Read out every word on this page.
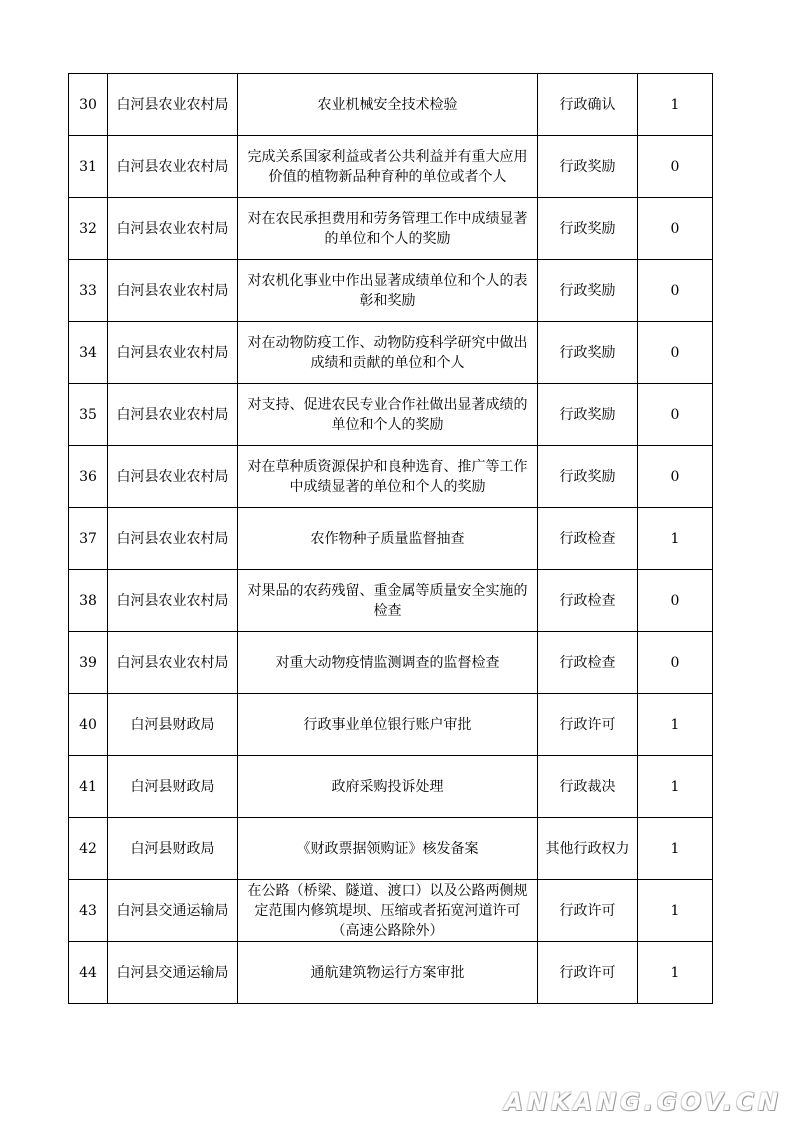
30	白河县农业农村局	农业机械安全技术检验	行政确认	1
31	白河县农业农村局	完成关系国家利益或者公共利益并有重大应用价值的植物新品种育种的单位或者个人	行政奖励	0
32	白河县农业农村局	对在农民承担费用和劳务管理工作中成绩显著的单位和个人的奖励	行政奖励	0
33	白河县农业农村局	对农机化事业中作出显著成绩单位和个人的表彰和奖励	行政奖励	0
34	白河县农业农村局	对在动物防疫工作、动物防疫科学研究中做出成绩和贡献的单位和个人	行政奖励	0
35	白河县农业农村局	对支持、促进农民专业合作社做出显著成绩的单位和个人的奖励	行政奖励	0
36	白河县农业农村局	对在草种质资源保护和良种选育、推广等工作中成绩显著的单位和个人的奖励	行政奖励	0
37	白河县农业农村局	农作物种子质量监督抽查	行政检查	1
38	白河县农业农村局	对果品的农药残留、重金属等质量安全实施的检查	行政检查	0
39	白河县农业农村局	对重大动物疫情监测调查的监督检查	行政检查	0
40	白河县财政局	行政事业单位银行账户审批	行政许可	1
41	白河县财政局	政府采购投诉处理	行政裁决	1
42	白河县财政局	《财政票据领购证》核发备案	其他行政权力	1
43	白河县交通运输局	在公路（桥梁、隧道、渡口）以及公路两侧规定范围内修筑堤坝、压缩或者拓宽河道许可（高速公路除外）	行政许可	1
44	白河县交通运输局	通航建筑物运行方案审批	行政许可	1
ANKANG.GOV.CN
